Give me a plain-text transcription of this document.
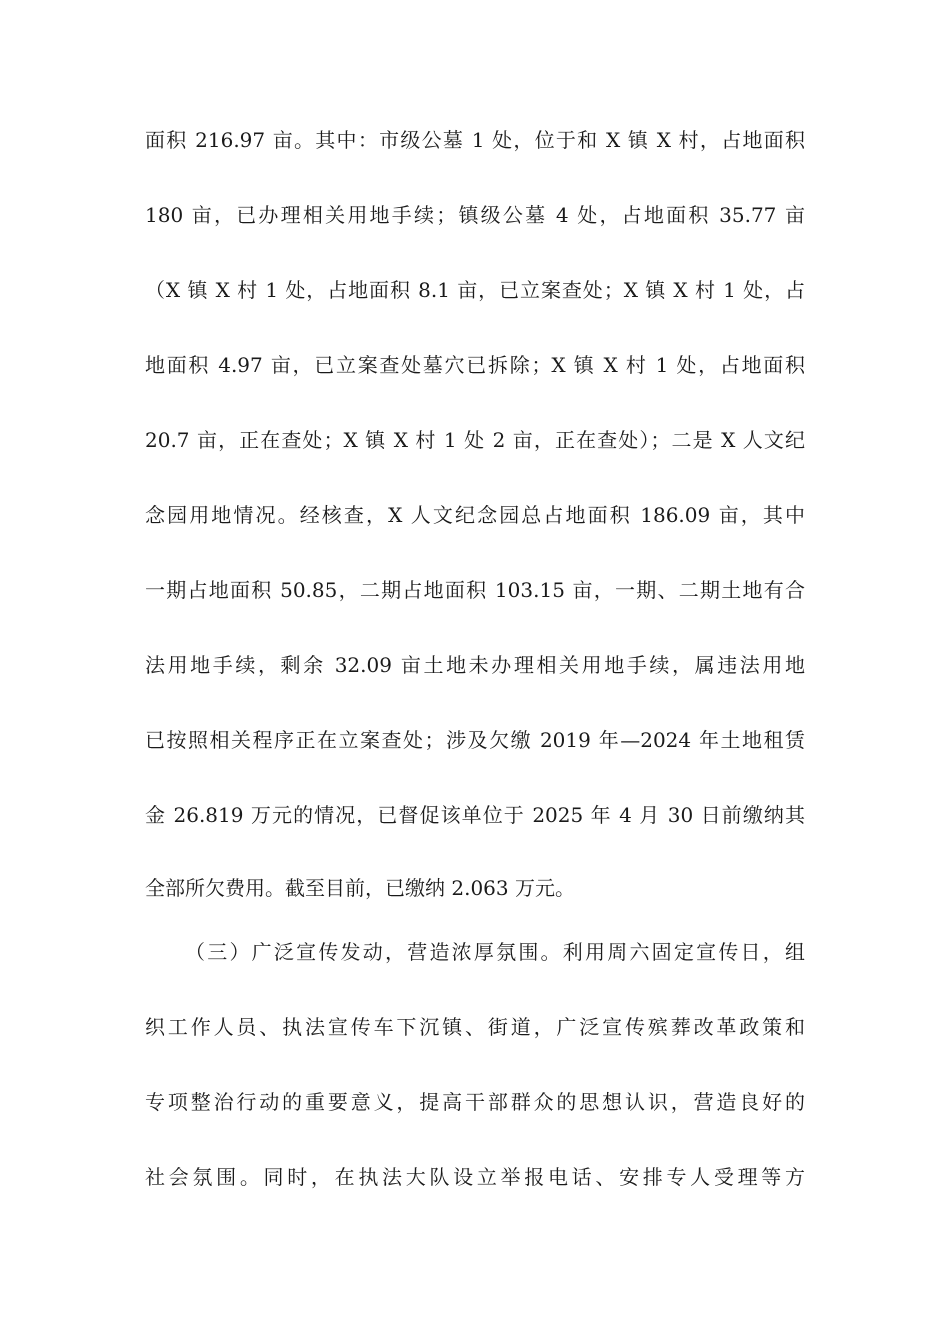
面积 216.97 亩。其中：市级公墓 1 处，位于和 X 镇 X 村，占地面积
180 亩，已办理相关用地手续；镇级公墓 4 处，占地面积 35.77 亩
（X 镇 X 村 1 处，占地面积 8.1 亩，已立案查处；X 镇 X 村 1 处，占
地面积 4.97 亩，已立案查处墓穴已拆除；X 镇 X 村 1 处，占地面积
20.7 亩，正在查处；X 镇 X 村 1 处 2 亩，正在查处）；二是 X 人文纪
念园用地情况。经核查，X 人文纪念园总占地面积 186.09 亩，其中
一期占地面积 50.85，二期占地面积 103.15 亩，一期、二期土地有合
法用地手续，剩余 32.09 亩土地未办理相关用地手续，属违法用地
已按照相关程序正在立案查处；涉及欠缴 2019 年—2024 年土地租赁
金 26.819 万元的情况，已督促该单位于 2025 年 4 月 30 日前缴纳其
全部所欠费用。截至目前，已缴纳 2.063 万元。
（三）广泛宣传发动，营造浓厚氛围。利用周六固定宣传日，组
织工作人员、执法宣传车下沉镇、街道，广泛宣传殡葬改革政策和
专项整治行动的重要意义，提高干部群众的思想认识，营造良好的
社会氛围。同时，在执法大队设立举报电话、安排专人受理等方
